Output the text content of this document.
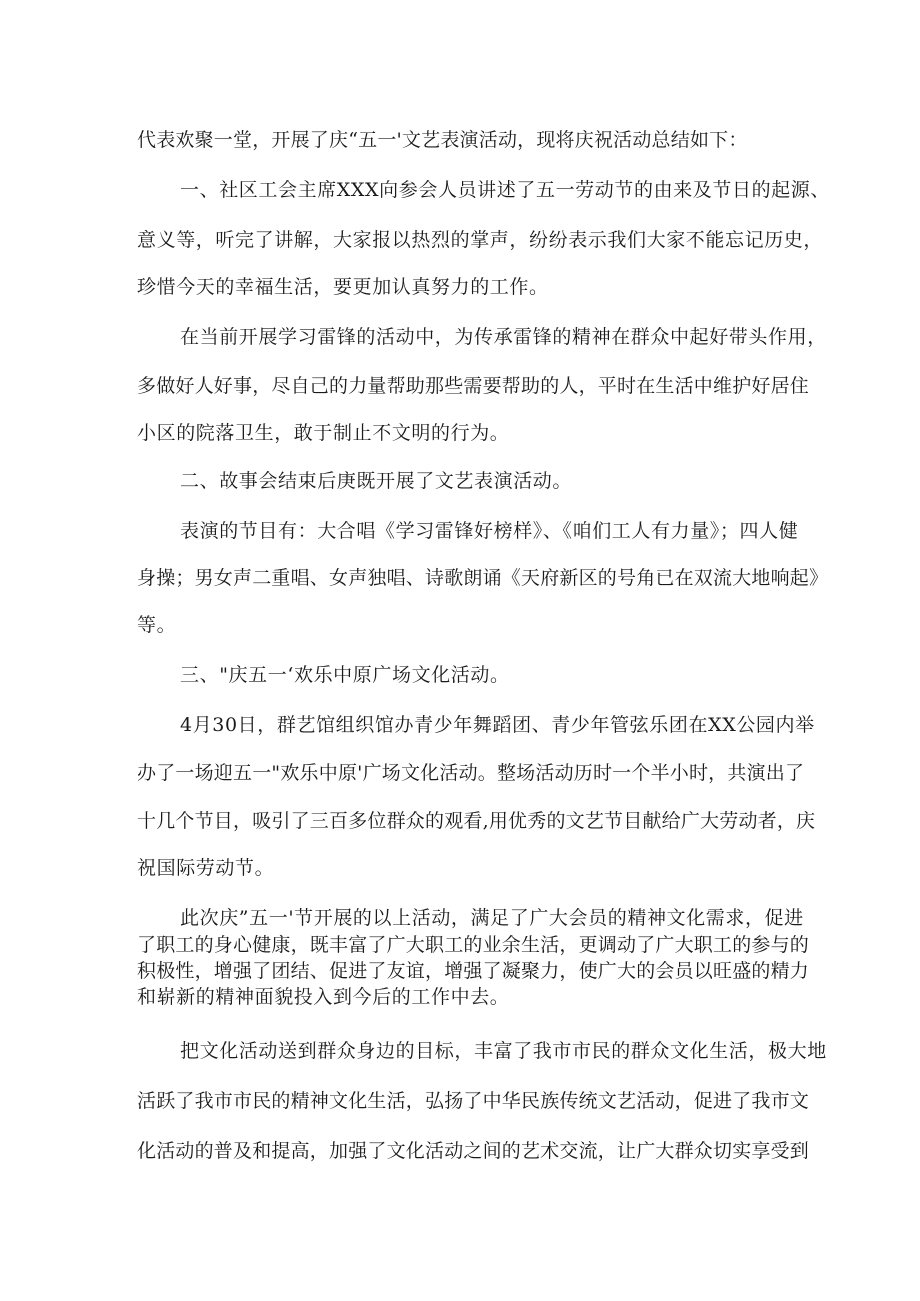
代表欢聚一堂，开展了庆“五一'文艺表演活动，现将庆祝活动总结如下：
一、社区工会主席XXX向参会人员讲述了五一劳动节的由来及节日的起源、
意义等，听完了讲解，大家报以热烈的掌声，纷纷表示我们大家不能忘记历史，
珍惜今天的幸福生活，要更加认真努力的工作。
在当前开展学习雷锋的活动中，为传承雷锋的精神在群众中起好带头作用，
多做好人好事，尽自己的力量帮助那些需要帮助的人，平时在生活中维护好居住
小区的院落卫生，敢于制止不文明的行为。
二、故事会结束后庚既开展了文艺表演活动。
表演的节目有：大合唱《学习雷锋好榜样》、《咱们工人有力量》；四人健
身操；男女声二重唱、女声独唱、诗歌朗诵《天府新区的号角已在双流大地响起》
等。
三、"庆五一‘欢乐中原广场文化活动。
4月30日，群艺馆组织馆办青少年舞蹈团、青少年管弦乐团在XX公园内举
办了一场迎五一"欢乐中原'广场文化活动。整场活动历时一个半小时，共演出了
十几个节目，吸引了三百多位群众的观看,用优秀的文艺节目献给广大劳动者，庆
祝国际劳动节。
此次庆”五一'节开展的以上活动，满足了广大会员的精神文化需求，促进
了职工的身心健康，既丰富了广大职工的业余生活，更调动了广大职工的参与的
积极性，增强了团结、促进了友谊，增强了凝聚力，使广大的会员以旺盛的精力
和崭新的精神面貌投入到今后的工作中去。
把文化活动送到群众身边的目标，丰富了我市市民的群众文化生活，极大地
活跃了我市市民的精神文化生活，弘扬了中华民族传统文艺活动，促进了我市文
化活动的普及和提高，加强了文化活动之间的艺术交流，让广大群众切实享受到
